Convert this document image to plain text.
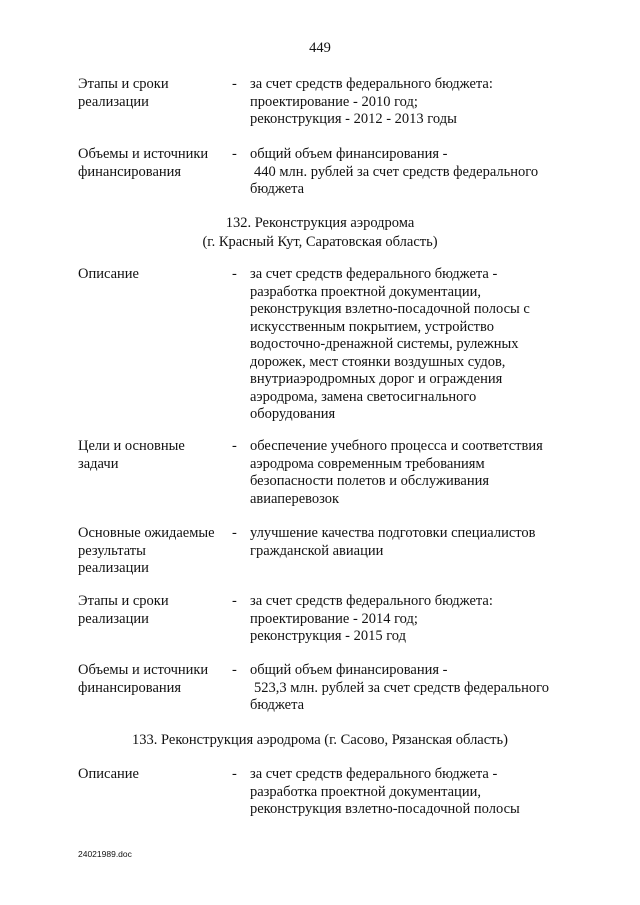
449
Этапы и сроки
реализации
- за счет средств федерального бюджета:
проектирование - 2010 год;
реконструкция - 2012 - 2013 годы
Объемы и источники
финансирования
- общий объем финансирования -
440 млн. рублей за счет средств федерального
бюджета
132. Реконструкция аэродрома
(г. Красный Кут, Саратовская область)
Описание	- за счет средств федерального бюджета -
разработка проектной документации,
реконструкция взлетно-посадочной полосы с
искусственным покрытием, устройство
водосточно-дренажной системы, рулежных
дорожек, мест стоянки воздушных судов,
внутриаэродромных дорог и ограждения
аэродрома, замена светосигнального
оборудования
Цели и основные
задачи
- обеспечение учебного процесса и соответствия
аэродрома современным требованиям
безопасности полетов и обслуживания
авиаперевозок
Основные ожидаемые
результаты
реализации
- улучшение качества подготовки специалистов
гражданской авиации
Этапы и сроки
реализации
- за счет средств федерального бюджета:
проектирование - 2014 год;
реконструкция - 2015 год
Объемы и источники
финансирования
- общий объем финансирования -
523,3 млн. рублей за счет средств федерального
бюджета
133. Реконструкция аэродрома (г. Сасово, Рязанская область)
Описание	- за счет средств федерального бюджета -
разработка проектной документации,
реконструкция взлетно-посадочной полосы
24021989.doc
